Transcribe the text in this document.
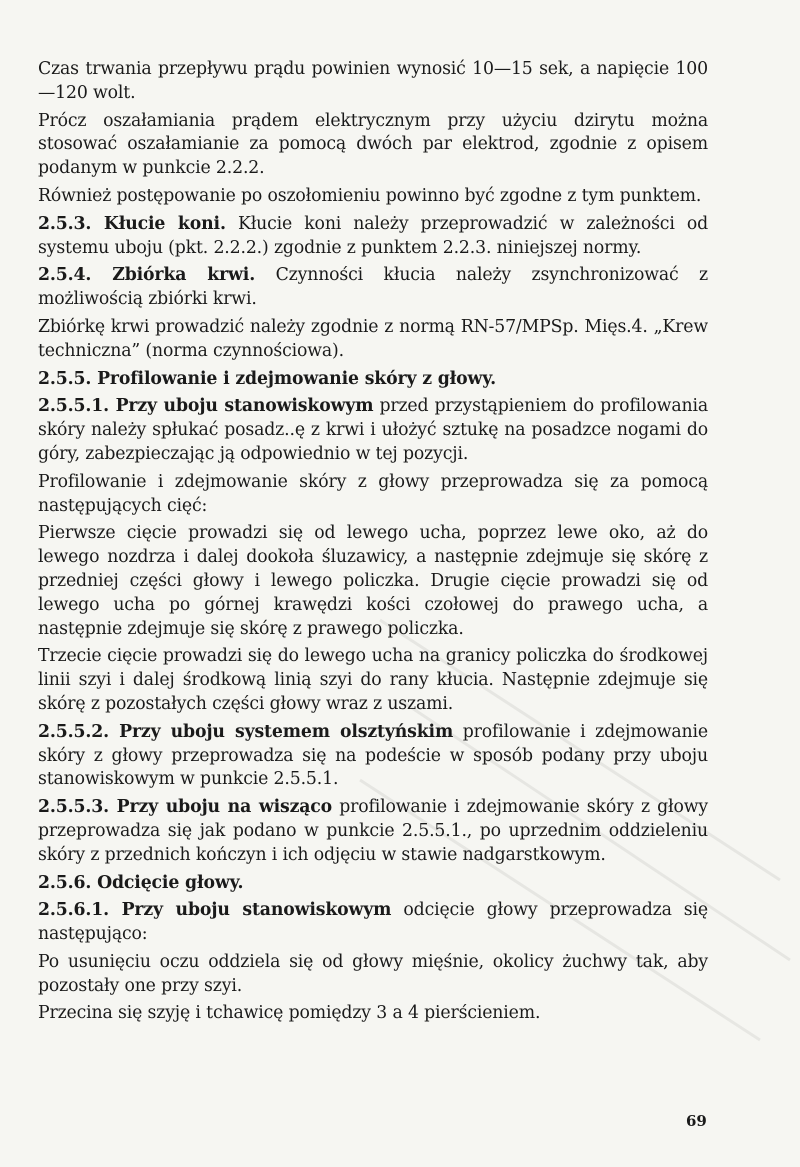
Czas trwania przepływu prądu powinien wynosić 10—15 sek, a napięcie 100—120 wolt.

Prócz oszałamiania prądem elektrycznym przy użyciu dzirytu można stosować oszałamianie za pomocą dwóch par elektrod, zgodnie z opisem podanym w punkcie 2.2.2.

Również postępowanie po oszołomieniu powinno być zgodne z tym punktem.

2.5.3. Kłucie koni. Kłucie koni należy przeprowadzić w zależności od systemu uboju (pkt. 2.2.2.) zgodnie z punktem 2.2.3. niniejszej normy.

2.5.4. Zbiórka krwi. Czynności kłucia należy zsynchronizować z możliwością zbiórki krwi.

Zbiórkę krwi prowadzić należy zgodnie z normą RN-57/MPSp. Mięs.4. „Krew techniczna” (norma czynnościowa).

2.5.5. Profilowanie i zdejmowanie skóry z głowy.

2.5.5.1. Przy uboju stanowiskowym przed przystąpieniem do profilowania skóry należy spłukać posadz..ę z krwi i ułożyć sztukę na posadzce nogami do góry, zabezpieczając ją odpowiednio w tej pozycji.

Profilowanie i zdejmowanie skóry z głowy przeprowadza się za pomocą następujących cięć:

Pierwsze cięcie prowadzi się od lewego ucha, poprzez lewe oko, aż do lewego nozdrza i dalej dookoła śluzawicy, a następnie zdejmuje się skórę z przedniej części głowy i lewego policzka. Drugie cięcie prowadzi się od lewego ucha po górnej krawędzi kości czołowej do prawego ucha, a następnie zdejmuje się skórę z prawego policzka.

Trzecie cięcie prowadzi się do lewego ucha na granicy policzka do środkowej linii szyi i dalej środkową linią szyi do rany kłucia. Następnie zdejmuje się skórę z pozostałych części głowy wraz z uszami.

2.5.5.2. Przy uboju systemem olsztyńskim profilowanie i zdejmowanie skóry z głowy przeprowadza się na podeście w sposób podany przy uboju stanowiskowym w punkcie 2.5.5.1.

2.5.5.3. Przy uboju na wisząco profilowanie i zdejmowanie skóry z głowy przeprowadza się jak podano w punkcie 2.5.5.1., po uprzednim oddzieleniu skóry z przednich kończyn i ich odjęciu w stawie nadgarstkowym.

2.5.6. Odcięcie głowy.

2.5.6.1. Przy uboju stanowiskowym odcięcie głowy przeprowadza się następująco:

Po usunięciu oczu oddziela się od głowy mięśnie, okolicy żuchwy tak, aby pozostały one przy szyi.

Przecina się szyję i tchawicę pomiędzy 3 a 4 pierścieniem.

69
